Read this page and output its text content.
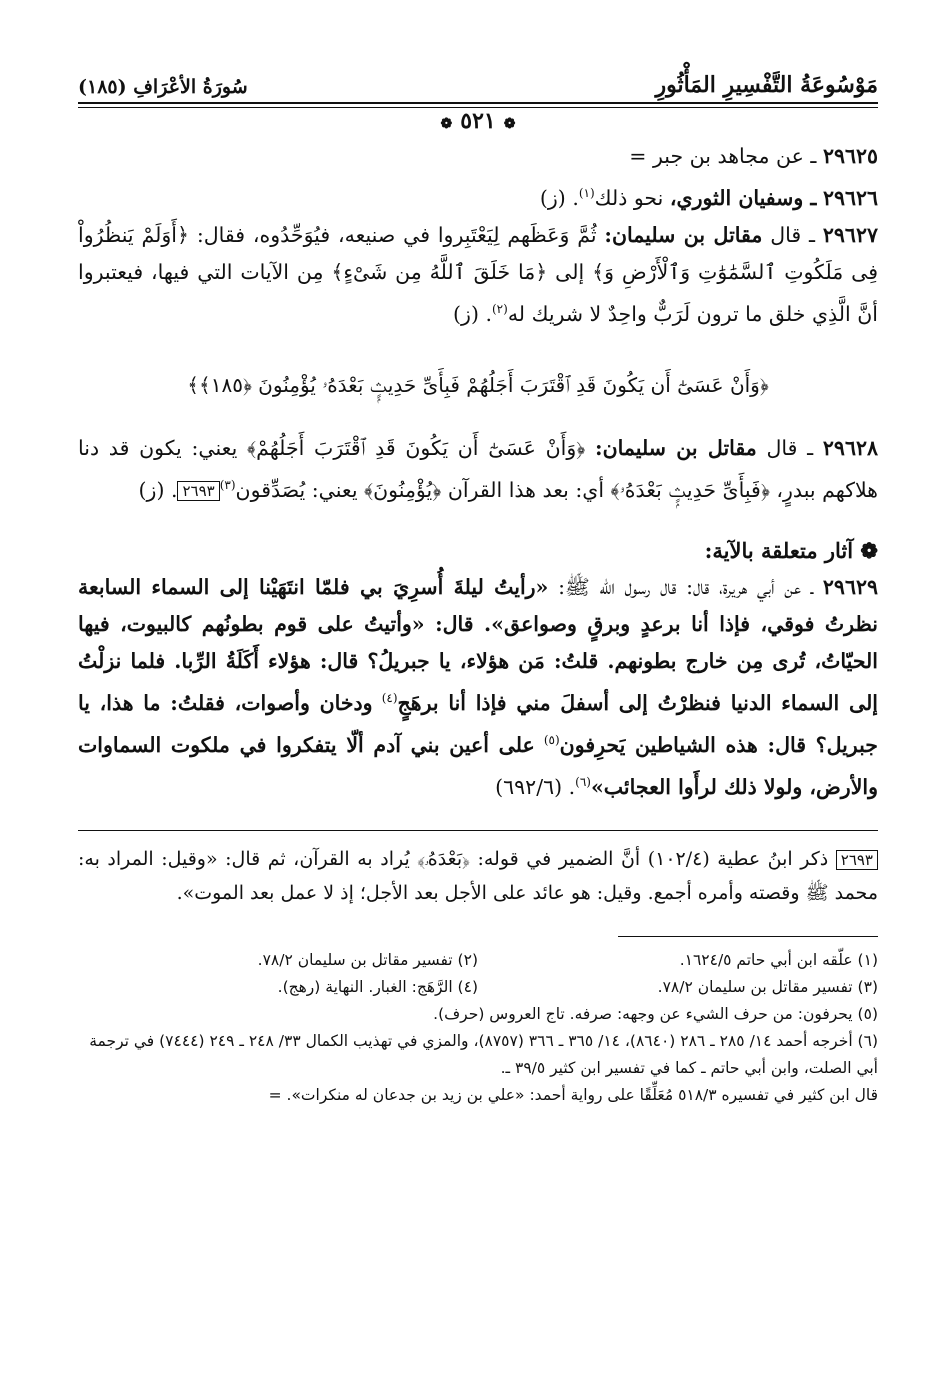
مَوْسُوعَةُ التَّفْسِيرِ المَأْثُورِ
سُورَةُ الأعْرَافِ (١٨٥)
❁٥٢١❁

٢٩٦٢٥ ـ عن مجاهد بن جبر =

٢٩٦٢٦ ـ وسفيان الثوري، نحو ذلك$^{(١)}$. (ز)

٢٩٦٢٧ ـ قال مقاتل بن سليمان: ثُمَّ وَعَظَهم لِيَعْتَبِروا في صنيعه، فيُوَحِّدُوه، فقال: ﴿أَوَلَمْ يَنظُرُواْ فِى مَلَكُوتِ ٱلسَّمَٰوَٰتِ وَٱلْأَرْضِ وَ﴾ إلى ﴿مَا خَلَقَ ٱللَّهُ مِن شَىْءٍ﴾ مِن الآيات التي فيها، فيعتبروا أنَّ الَّذِي خلق ما ترون لَرَبٌّ واحِدٌ لا شريك له$^{(٢)}$. (ز)

﴿وَأَنْ عَسَىٰٓ أَن يَكُونَ قَدِ ٱقْتَرَبَ أَجَلُهُمْ فَبِأَىِّ حَدِيثٍۭ بَعْدَهُۥ يُؤْمِنُونَ ﴿١٨٥﴾﴾

٢٩٦٢٨ ـ قال مقاتل بن سليمان: ﴿وَأَنْ عَسَىٰٓ أَن يَكُونَ قَدِ ٱقْتَرَبَ أَجَلُهُمْ﴾ يعني: يكون قد دنا هلاكهم ببدرٍ، ﴿فَبِأَىِّ حَدِيثٍۭ بَعْدَهُۥ﴾ أي: بعد هذا القرآن ﴿يُؤْمِنُونَ﴾ يعني: يُصَدِّقون$^{(٣)}$٢٦٩٣. (ز)

❁ آثار متعلقة بالآية:

٢٩٦٢٩ ـ عن أبي هريرة، قال: قال رسول الله ﷺ: «رأيتُ ليلةَ أُسرِيَ بي فلمّا انتَهَيْنا إلى السماء السابعة نظرتُ فوقي، فإذا أنا برعدٍ وبرقٍ وصواعق». قال: «وأتيتُ على قوم بطونُهم كالبيوت، فيها الحيّاتُ، تُرى مِن خارج بطونهم. قلتُ: مَن هؤلاء، يا جبريلُ؟ قال: هؤلاء أَكَلَةُ الرِّبا. فلما نزلْتُ إلى السماء الدنيا فنظرْتُ إلى أسفلَ مني فإذا أنا برهَجٍ$^{(٤)}$ ودخان وأصوات، فقلتُ: ما هذا، يا جبريل؟ قال: هذه الشياطين يَحرِفون$^{(٥)}$ على أعين بني آدم ألّا يتفكروا في ملكوت السماوات والأرض، ولولا ذلك لرأَوا العجائب»$^{(٦)}$. (٦٩٢/٦)

٢٦٩٣ ذكر ابنُ عطية (١٠٢/٤) أنَّ الضمير في قوله: ﴿بَعْدَهُۥ﴾ يُراد به القرآن، ثم قال: «وقيل: المراد به: محمد ﷺ وقصته وأمره أجمع. وقيل: هو عائد على الأجل بعد الأجل؛ إذ لا عمل بعد الموت».
(١) علّقه ابن أبي حاتم ١٦٢٤/٥.
(٢) تفسير مقاتل بن سليمان ٧٨/٢.
(٣) تفسير مقاتل بن سليمان ٧٨/٢.
(٤) الرَّهَج: الغبار. النهاية (رهج).
(٥) يحرفون: من حرف الشيء عن وجهه: صرفه. تاج العروس (حرف).
(٦) أخرجه أحمد ١٤/ ٢٨٥ ـ ٢٨٦ (٨٦٤٠)، ١٤/ ٣٦٥ ـ ٣٦٦ (٨٧٥٧)، والمزي في تهذيب الكمال ٣٣/ ٢٤٨ ـ ٢٤٩ (٧٤٤٤) في ترجمة أبي الصلت، وابن أبي حاتم ـ كما في تفسير ابن كثير ٣٩/٥ ـ.
قال ابن كثير في تفسيره ٥١٨/٣ مُعَلِّقًا على رواية أحمد: «علي بن زيد بن جدعان له منكرات». =
